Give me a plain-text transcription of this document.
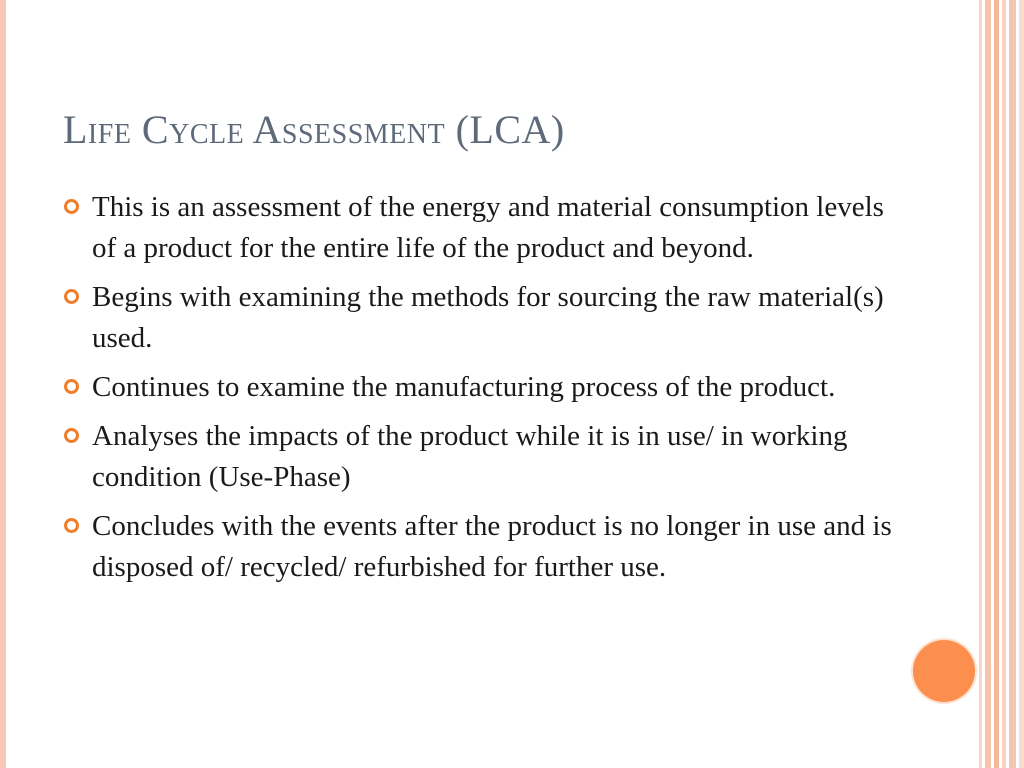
Life Cycle Assessment (LCA)
This is an assessment of the energy and material consumption levels of a product for the entire life of the product and beyond.
Begins with examining the methods for sourcing the raw material(s) used.
Continues to examine the manufacturing process of the product.
Analyses the impacts of the product while it is in use/ in working condition (Use-Phase)
Concludes with the events after the product is no longer in use and is disposed of/ recycled/ refurbished for further use.
